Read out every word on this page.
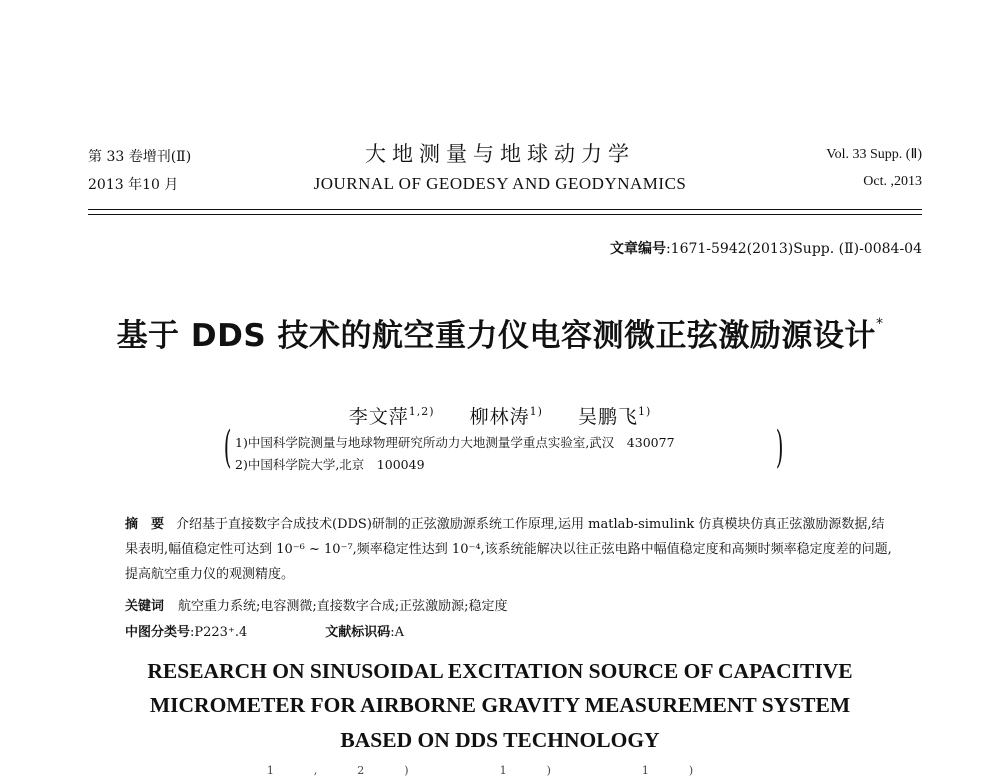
第 33 卷增刊(Ⅱ)
2013 年10 月
大地测量与地球动力学
JOURNAL OF GEODESY AND GEODYNAMICS
Vol. 33 Supp. (Ⅱ)
Oct. ,2013
文章编号:1671-5942(2013)Supp. (Ⅱ)-0084-04
基于 DDS 技术的航空重力仪电容测微正弦激励源设计*
李文萍$^{1,2)}$ 柳林涛$^{1)}$ 吴鹏飞$^{1)}$
( 1)中国科学院测量与地球物理研究所动力大地测量学重点实验室,武汉　430077
2)中国科学院大学,北京　100049	)
摘　要 介绍基于直接数字合成技术(DDS)研制的正弦激励源系统工作原理,运用 matlab-simulink 仿真模块仿真正弦激励源数据,结果表明,幅值稳定性可达到 10⁻⁶ ~ 10⁻⁷,频率稳定性达到 10⁻⁴,该系统能解决以往正弦电路中幅值稳定度和高频时频率稳定度差的问题,提高航空重力仪的观测精度。
关键词 航空重力系统;电容测微;直接数字合成;正弦激励源;稳定度
中图分类号:P223⁺.4	文献标识码:A
RESEARCH ON SINUSOIDAL EXCITATION SOURCE OF CAPACITIVE
MICROMETER FOR AIRBORNE GRAVITY MEASUREMENT SYSTEM
BASED ON DDS TECHNOLOGY
1,2)　1)　1)
